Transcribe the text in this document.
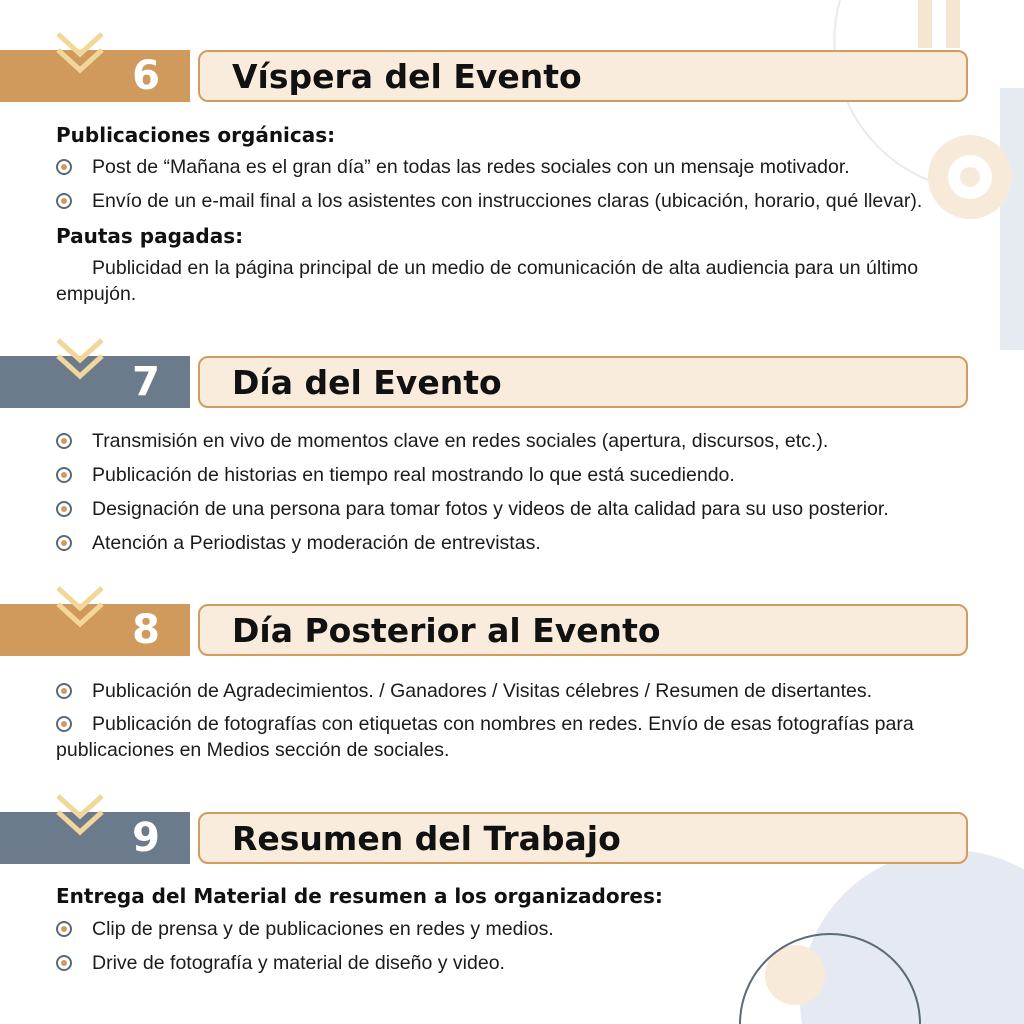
6	Víspera del Evento
Publicaciones orgánicas:
Post de “Mañana es el gran día” en todas las redes sociales con un mensaje motivador.
Envío de un e-mail final a los asistentes con instrucciones claras (ubicación, horario, qué llevar).
Pautas pagadas:
Publicidad en la página principal de un medio de comunicación de alta audiencia para un último empujón.
7	Día del Evento
Transmisión en vivo de momentos clave en redes sociales (apertura, discursos, etc.).
Publicación de historias en tiempo real mostrando lo que está sucediendo.
Designación de una persona para tomar fotos y videos de alta calidad para su uso posterior.
Atención a Periodistas y moderación de entrevistas.
8	Día Posterior al Evento
Publicación de Agradecimientos. / Ganadores / Visitas célebres / Resumen de disertantes.
Publicación de fotografías con etiquetas con nombres en redes. Envío de esas fotografías para publicaciones en Medios sección de sociales.
9	Resumen del Trabajo
Entrega del Material de resumen a los organizadores:
Clip de prensa y de publicaciones en redes y medios.
Drive de fotografía y material de diseño y video.
